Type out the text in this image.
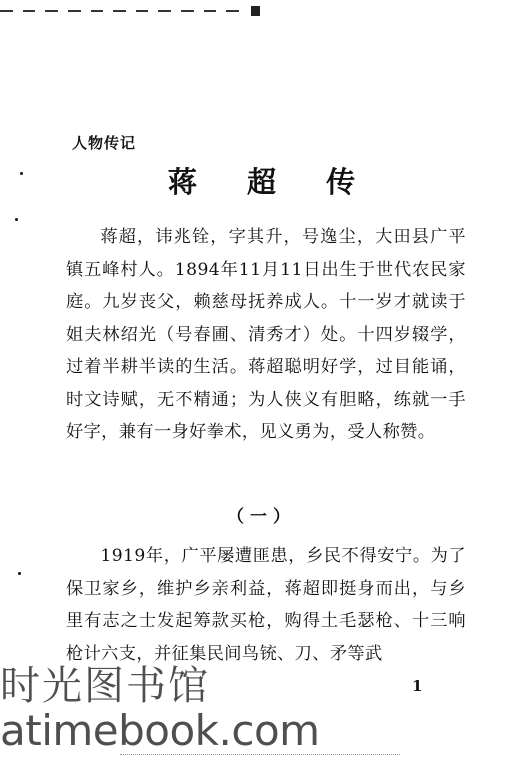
人物传记
蒋 超 传

蒋超，讳兆铨，字其升，号逸尘，大田县广平镇五峰村人。1894年11月11日出生于世代农民家庭。九岁丧父，赖慈母抚养成人。十一岁才就读于姐夫林绍光（号春圃、清秀才）处。十四岁辍学，过着半耕半读的生活。蒋超聪明好学，过目能诵，时文诗赋，无不精通；为人侠义有胆略，练就一手好字，兼有一身好拳术，见义勇为，受人称赞。

（一）

1919年，广平屡遭匪患，乡民不得安宁。为了保卫家乡，维护乡亲利益，蒋超即挺身而出，与乡里有志之士发起筹款买枪，购得土毛瑟枪、十三响枪计六支，并征集民间鸟铳、刀、矛等武

1
时光图书馆
atimebook.com
